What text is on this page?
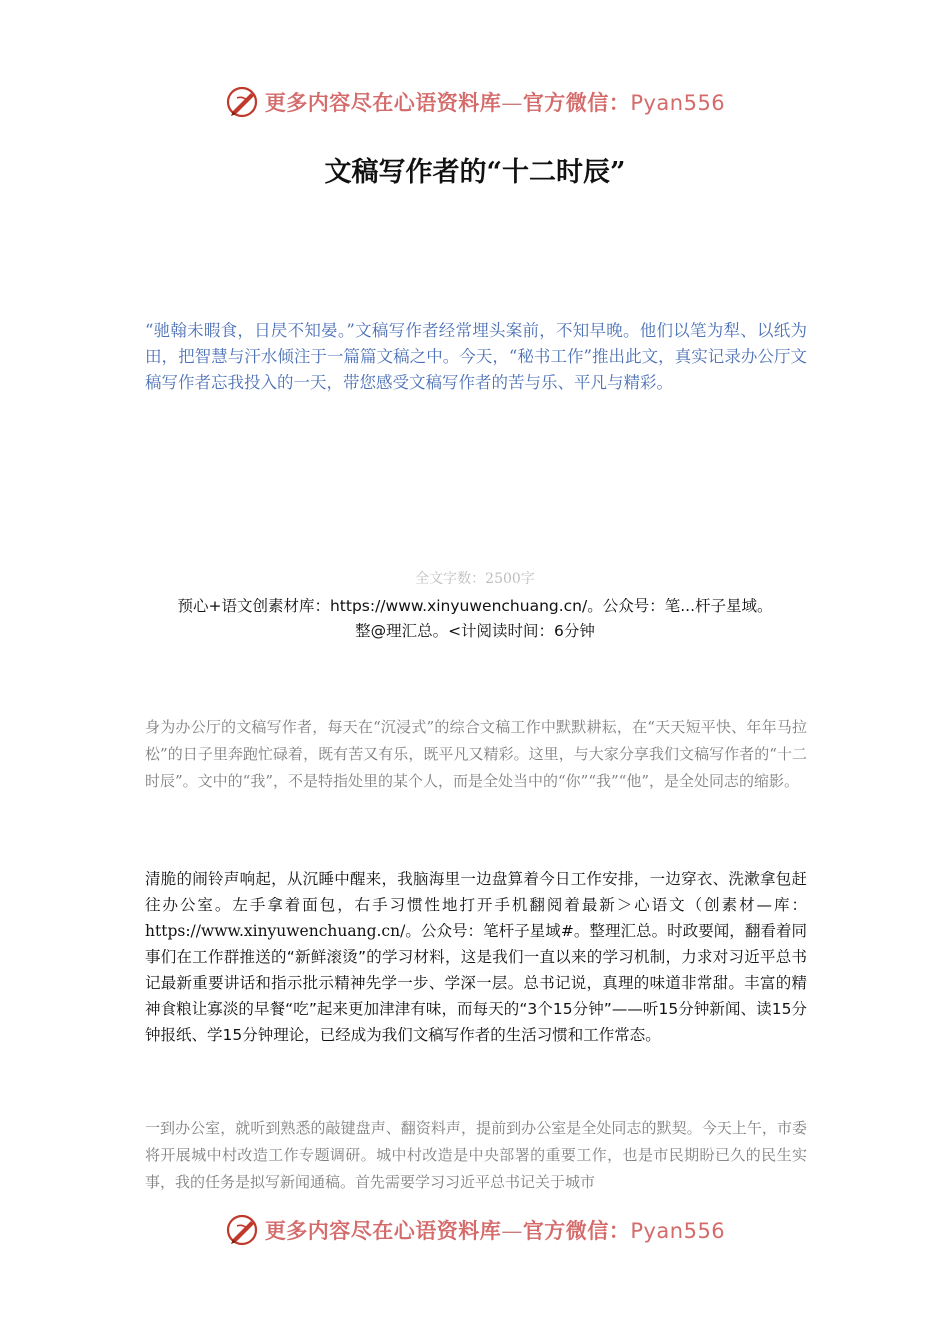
更多内容尽在心语资料库—官方微信：Pyan556
文稿写作者的“十二时辰”

“驰翰未暇食，日昃不知晏。”文稿写作者经常埋头案前，不知早晚。他们以笔为犁、以纸为田，把智慧与汗水倾注于一篇篇文稿之中。今天，“秘书工作”推出此文，真实记录办公厅文稿写作者忘我投入的一天，带您感受文稿写作者的苦与乐、平凡与精彩。

全文字数：2500字
预心+语文创素材库：https://www.xinyuwenchuang.cn/。公众号：笔...杆子星域。
整@理汇总。<计阅读时间：6分钟

身为办公厅的文稿写作者，每天在“沉浸式”的综合文稿工作中默默耕耘，在“天天短平快、年年马拉松”的日子里奔跑忙碌着，既有苦又有乐，既平凡又精彩。这里，与大家分享我们文稿写作者的“十二时辰”。文中的“我”，不是特指处里的某个人，而是全处当中的“你”“我”“他”，是全处同志的缩影。

清脆的闹铃声响起，从沉睡中醒来，我脑海里一边盘算着今日工作安排，一边穿衣、洗漱拿包赶往办公室。左手拿着面包，右手习惯性地打开手机翻阅着最新＞心语文（创素材—库：https://www.xinyuwenchuang.cn/。公众号：笔杆子星域#。整理汇总。时政要闻，翻看着同事们在工作群推送的“新鲜滚烫”的学习材料，这是我们一直以来的学习机制，力求对习近平总书记最新重要讲话和指示批示精神先学一步、学深一层。总书记说，真理的味道非常甜。丰富的精神食粮让寡淡的早餐“吃”起来更加津津有味，而每天的“3个15分钟”——听15分钟新闻、读15分钟报纸、学15分钟理论，已经成为我们文稿写作者的生活习惯和工作常态。

一到办公室，就听到熟悉的敲键盘声、翻资料声，提前到办公室是全处同志的默契。今天上午，市委将开展城中村改造工作专题调研。城中村改造是中央部署的重要工作，也是市民期盼已久的民生实事，我的任务是拟写新闻通稿。首先需要学习习近平总书记关于城市

更多内容尽在心语资料库—官方微信：Pyan556
